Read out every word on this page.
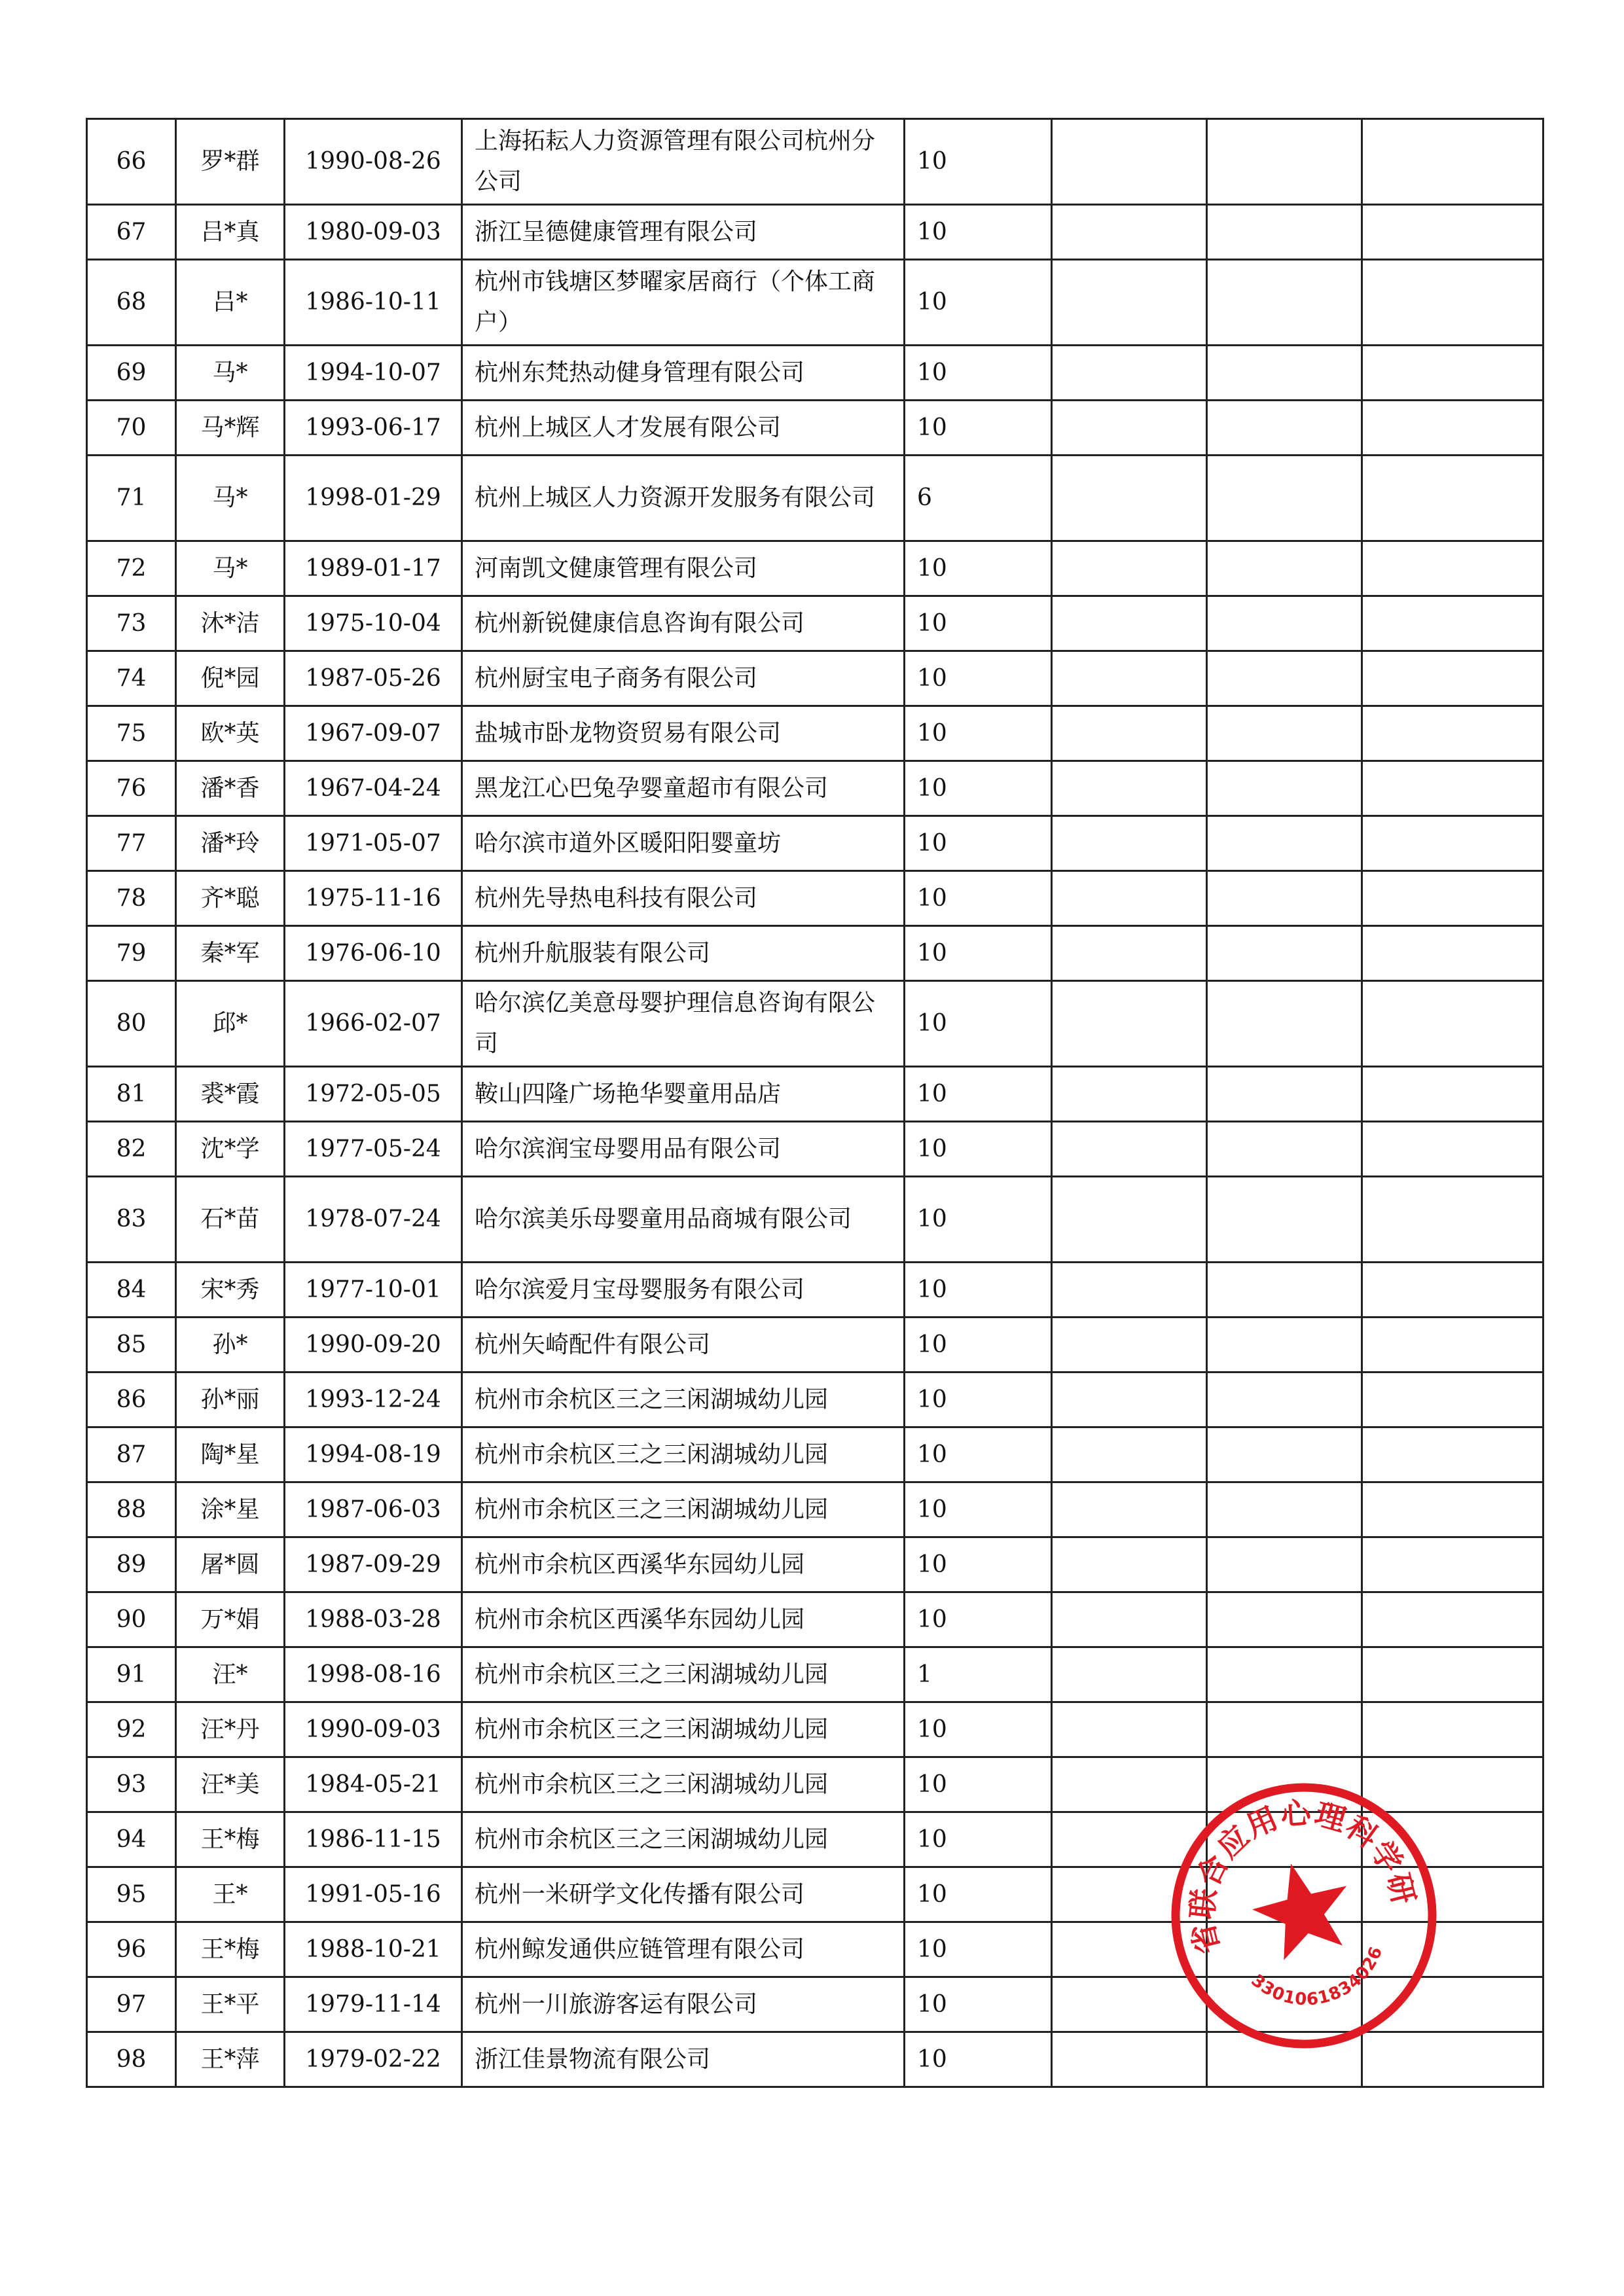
66	罗*群	1990-08-26	上海拓耘人力资源管理有限公司杭州分公司	10			
67	吕*真	1980-09-03	浙江呈德健康管理有限公司	10			
68	吕*	1986-10-11	杭州市钱塘区梦曜家居商行（个体工商户）	10			
69	马*	1994-10-07	杭州东梵热动健身管理有限公司	10			
70	马*辉	1993-06-17	杭州上城区人才发展有限公司	10			
71	马*	1998-01-29	杭州上城区人力资源开发服务有限公司	6			
72	马*	1989-01-17	河南凯文健康管理有限公司	10			
73	沐*洁	1975-10-04	杭州新锐健康信息咨询有限公司	10			
74	倪*园	1987-05-26	杭州厨宝电子商务有限公司	10			
75	欧*英	1967-09-07	盐城市卧龙物资贸易有限公司	10			
76	潘*香	1967-04-24	黑龙江心巴兔孕婴童超市有限公司	10			
77	潘*玲	1971-05-07	哈尔滨市道外区暖阳阳婴童坊	10			
78	齐*聪	1975-11-16	杭州先导热电科技有限公司	10			
79	秦*军	1976-06-10	杭州升航服装有限公司	10			
80	邱*	1966-02-07	哈尔滨亿美意母婴护理信息咨询有限公司	10			
81	裘*霞	1972-05-05	鞍山四隆广场艳华婴童用品店	10			
82	沈*学	1977-05-24	哈尔滨润宝母婴用品有限公司	10			
83	石*苗	1978-07-24	哈尔滨美乐母婴童用品商城有限公司	10			
84	宋*秀	1977-10-01	哈尔滨爱月宝母婴服务有限公司	10			
85	孙*	1990-09-20	杭州矢崎配件有限公司	10			
86	孙*丽	1993-12-24	杭州市余杭区三之三闲湖城幼儿园	10			
87	陶*星	1994-08-19	杭州市余杭区三之三闲湖城幼儿园	10			
88	涂*星	1987-06-03	杭州市余杭区三之三闲湖城幼儿园	10			
89	屠*圆	1987-09-29	杭州市余杭区西溪华东园幼儿园	10			
90	万*娟	1988-03-28	杭州市余杭区西溪华东园幼儿园	10			
91	汪*	1998-08-16	杭州市余杭区三之三闲湖城幼儿园	1			
92	汪*丹	1990-09-03	杭州市余杭区三之三闲湖城幼儿园	10			
93	汪*美	1984-05-21	杭州市余杭区三之三闲湖城幼儿园	10			
94	王*梅	1986-11-15	杭州市余杭区三之三闲湖城幼儿园	10			
95	王*	1991-05-16	杭州一米研学文化传播有限公司	10			
96	王*梅	1988-10-21	杭州鲸发通供应链管理有限公司	10			
97	王*平	1979-11-14	杭州一川旅游客运有限公司	10			
98	王*萍	1979-02-22	浙江佳景物流有限公司	10			
浙江省联合应用心理科学研究院
3301061834026
